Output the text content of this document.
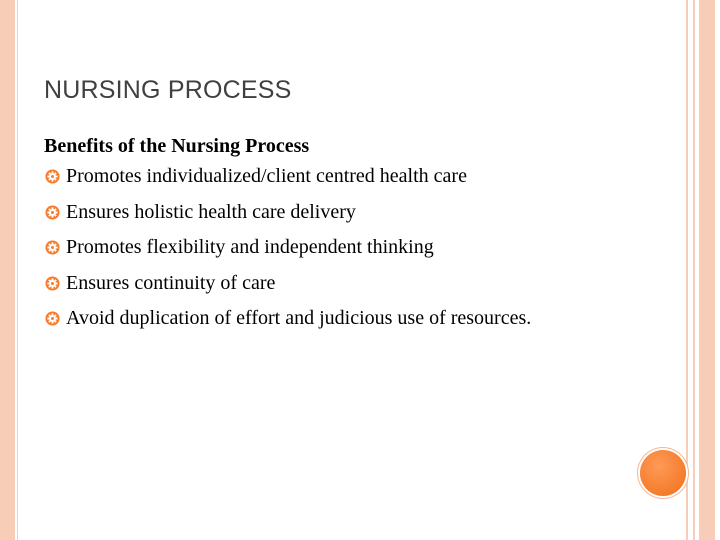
NURSING PROCESS

Benefits of the Nursing Process

Promotes individualized/client centred health care
Ensures holistic health care delivery
Promotes flexibility and independent thinking
Ensures continuity of care
Avoid duplication of effort and judicious use of resources.
